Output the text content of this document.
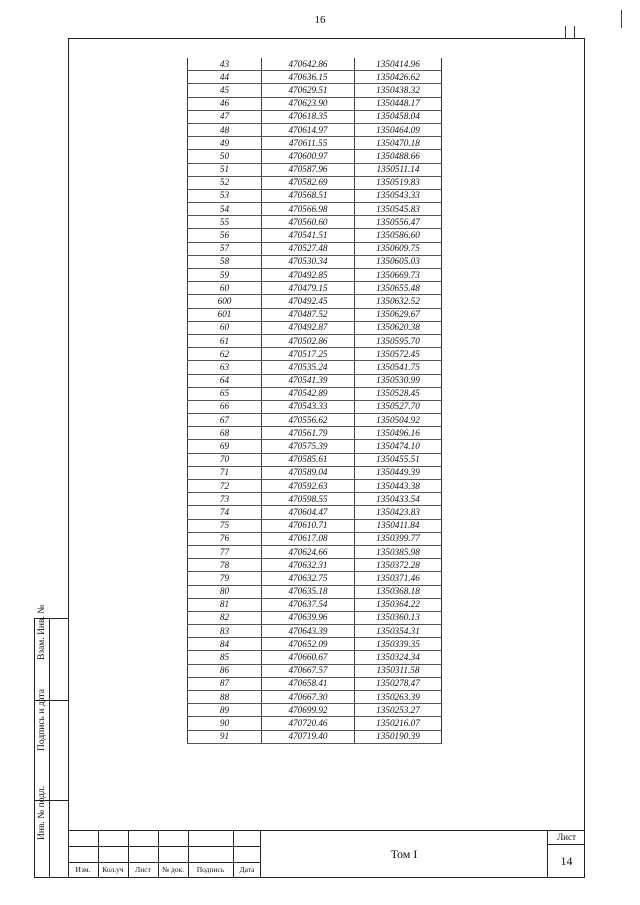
16
43	470642.86	1350414.96
44	470636.15	1350426.62
45	470629.51	1350438.32
46	470623.90	1350448.17
47	470618.35	1350458.04
48	470614.97	1350464.09
49	470611.55	1350470.18
50	470600.97	1350488.66
51	470587.96	1350511.14
52	470582.69	1350519.83
53	470568.51	1350543.33
54	470566.98	1350545.83
55	470560.60	1350556.47
56	470541.51	1350586.60
57	470527.48	1350609.75
58	470530.34	1350605.03
59	470492.85	1350669.73
60	470479.15	1350655.48
600	470492.45	1350632.52
601	470487.52	1350629.67
60	470492.87	1350620.38
61	470502.86	1350595.70
62	470517.25	1350572.45
63	470535.24	1350541.75
64	470541.39	1350530.99
65	470542.89	1350528.45
66	470543.33	1350527.70
67	470556.62	1350504.92
68	470561.79	1350496.16
69	470575.39	1350474.10
70	470585.61	1350455.51
71	470589.04	1350449.39
72	470592.63	1350443.38
73	470598.55	1350433.54
74	470604.47	1350423.83
75	470610.71	1350411.84
76	470617.08	1350399.77
77	470624.66	1350385.98
78	470632.31	1350372.28
79	470632.75	1350371.46
80	470635.18	1350368.18
81	470637.54	1350364.22
82	470639.96	1350360.13
83	470643.39	1350354.31
84	470652.09	1350339.35
85	470660.67	1350324.34
86	470667.57	1350311.58
87	470658.41	1350278.47
88	470667.30	1350263.39
89	470699.92	1350253.27
90	470720.46	1350216.07
91	470719.40	1350190.39
Взам. Инв. №
Подпись и дата
Инв. № подл.
Изм.	Кол.уч	Лист	№ док.	Подпись	Дата
Том I
Лист
14
